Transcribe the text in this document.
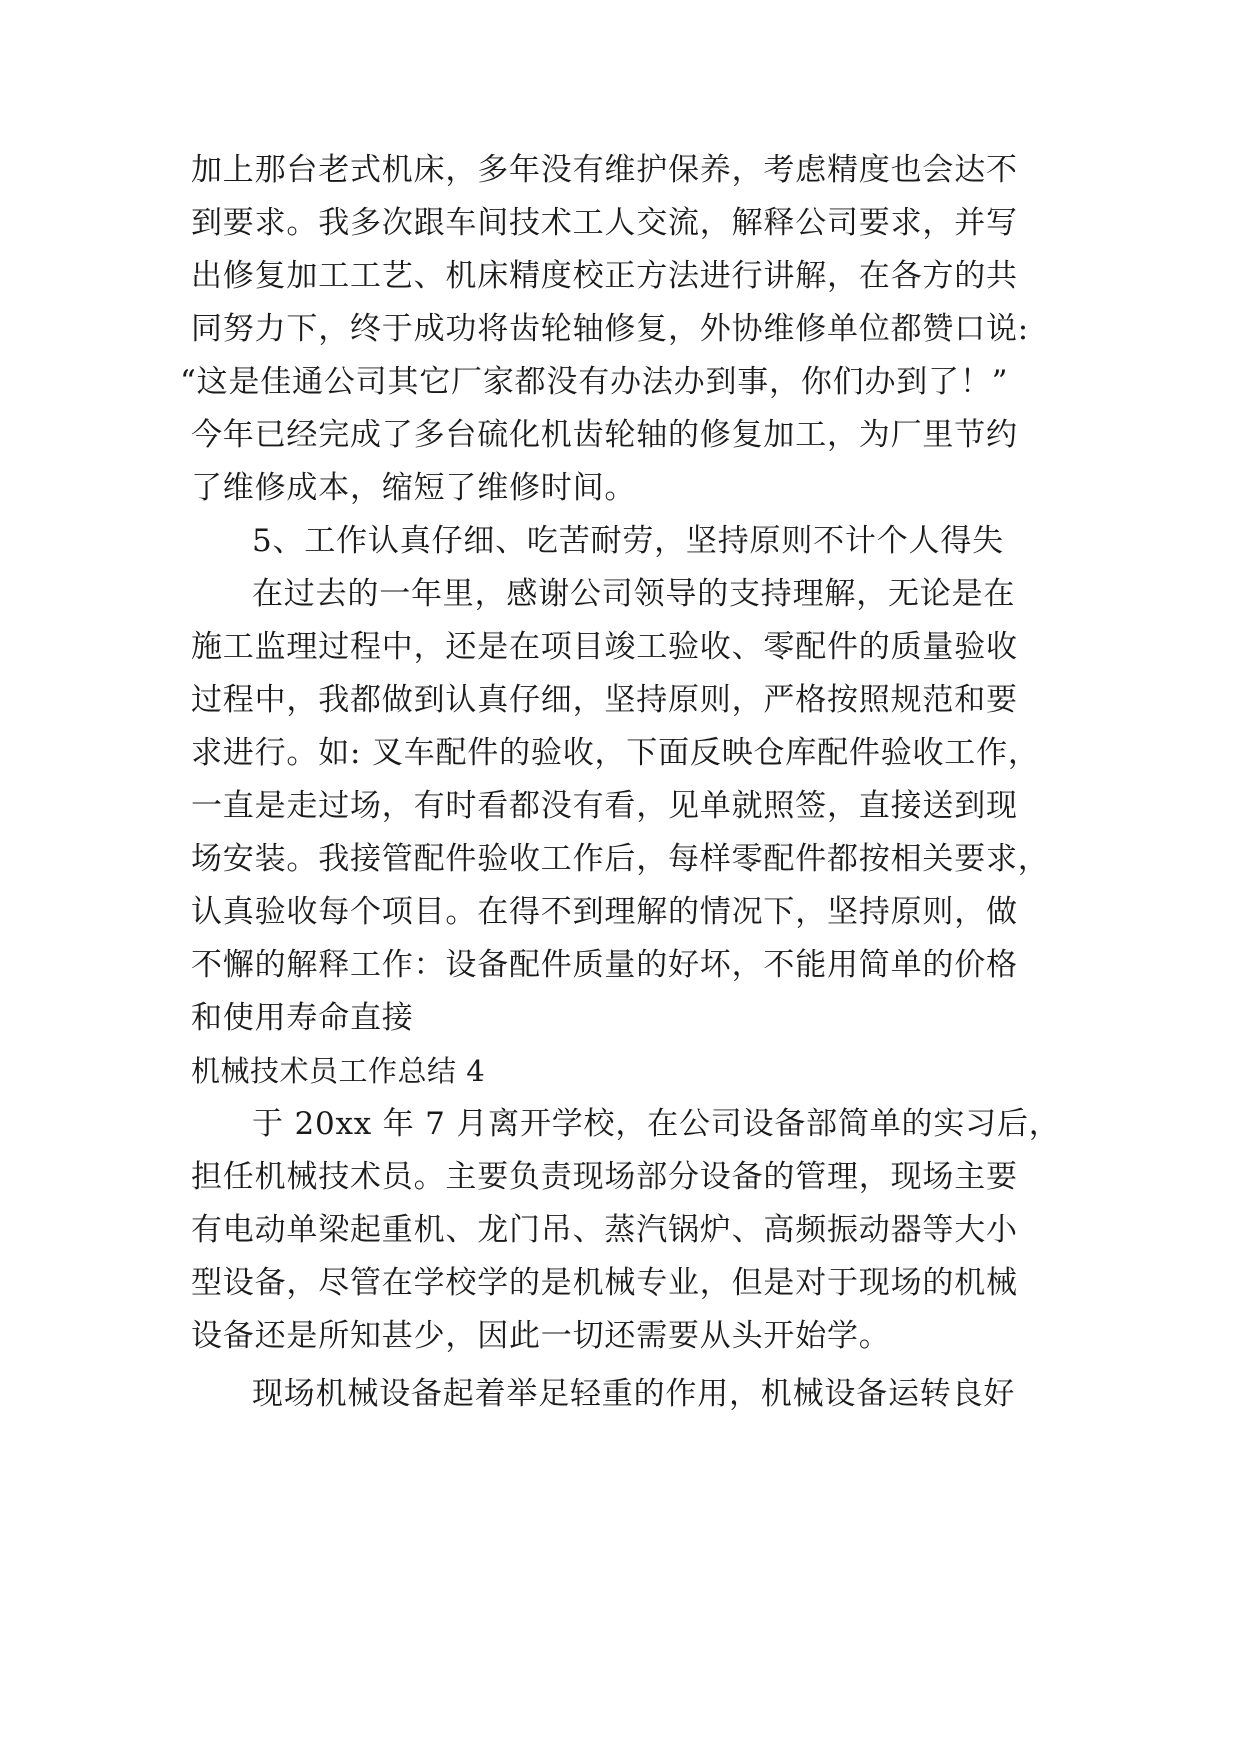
加上那台老式机床，多年没有维护保养，考虑精度也会达不
到要求。我多次跟车间技术工人交流，解释公司要求，并写
出修复加工工艺、机床精度校正方法进行讲解，在各方的共
同努力下，终于成功将齿轮轴修复，外协维修单位都赞口说:
“这是佳通公司其它厂家都没有办法办到事，你们办到了！”
今年已经完成了多台硫化机齿轮轴的修复加工，为厂里节约
了维修成本，缩短了维修时间。
5、工作认真仔细、吃苦耐劳，坚持原则不计个人得失
在过去的一年里，感谢公司领导的支持理解，无论是在
施工监理过程中，还是在项目竣工验收、零配件的质量验收
过程中，我都做到认真仔细，坚持原则，严格按照规范和要
求进行。如: 叉车配件的验收，下面反映仓库配件验收工作，
一直是走过场，有时看都没有看，见单就照签，直接送到现
场安装。我接管配件验收工作后，每样零配件都按相关要求，
认真验收每个项目。在得不到理解的情况下，坚持原则，做
不懈的解释工作：设备配件质量的好坏，不能用简单的价格
和使用寿命直接
机械技术员工作总结 4
于 20xx 年 7 月离开学校，在公司设备部简单的实习后，
担任机械技术员。主要负责现场部分设备的管理，现场主要
有电动单梁起重机、龙门吊、蒸汽锅炉、高频振动器等大小
型设备，尽管在学校学的是机械专业，但是对于现场的机械
设备还是所知甚少，因此一切还需要从头开始学。
现场机械设备起着举足轻重的作用，机械设备运转良好
